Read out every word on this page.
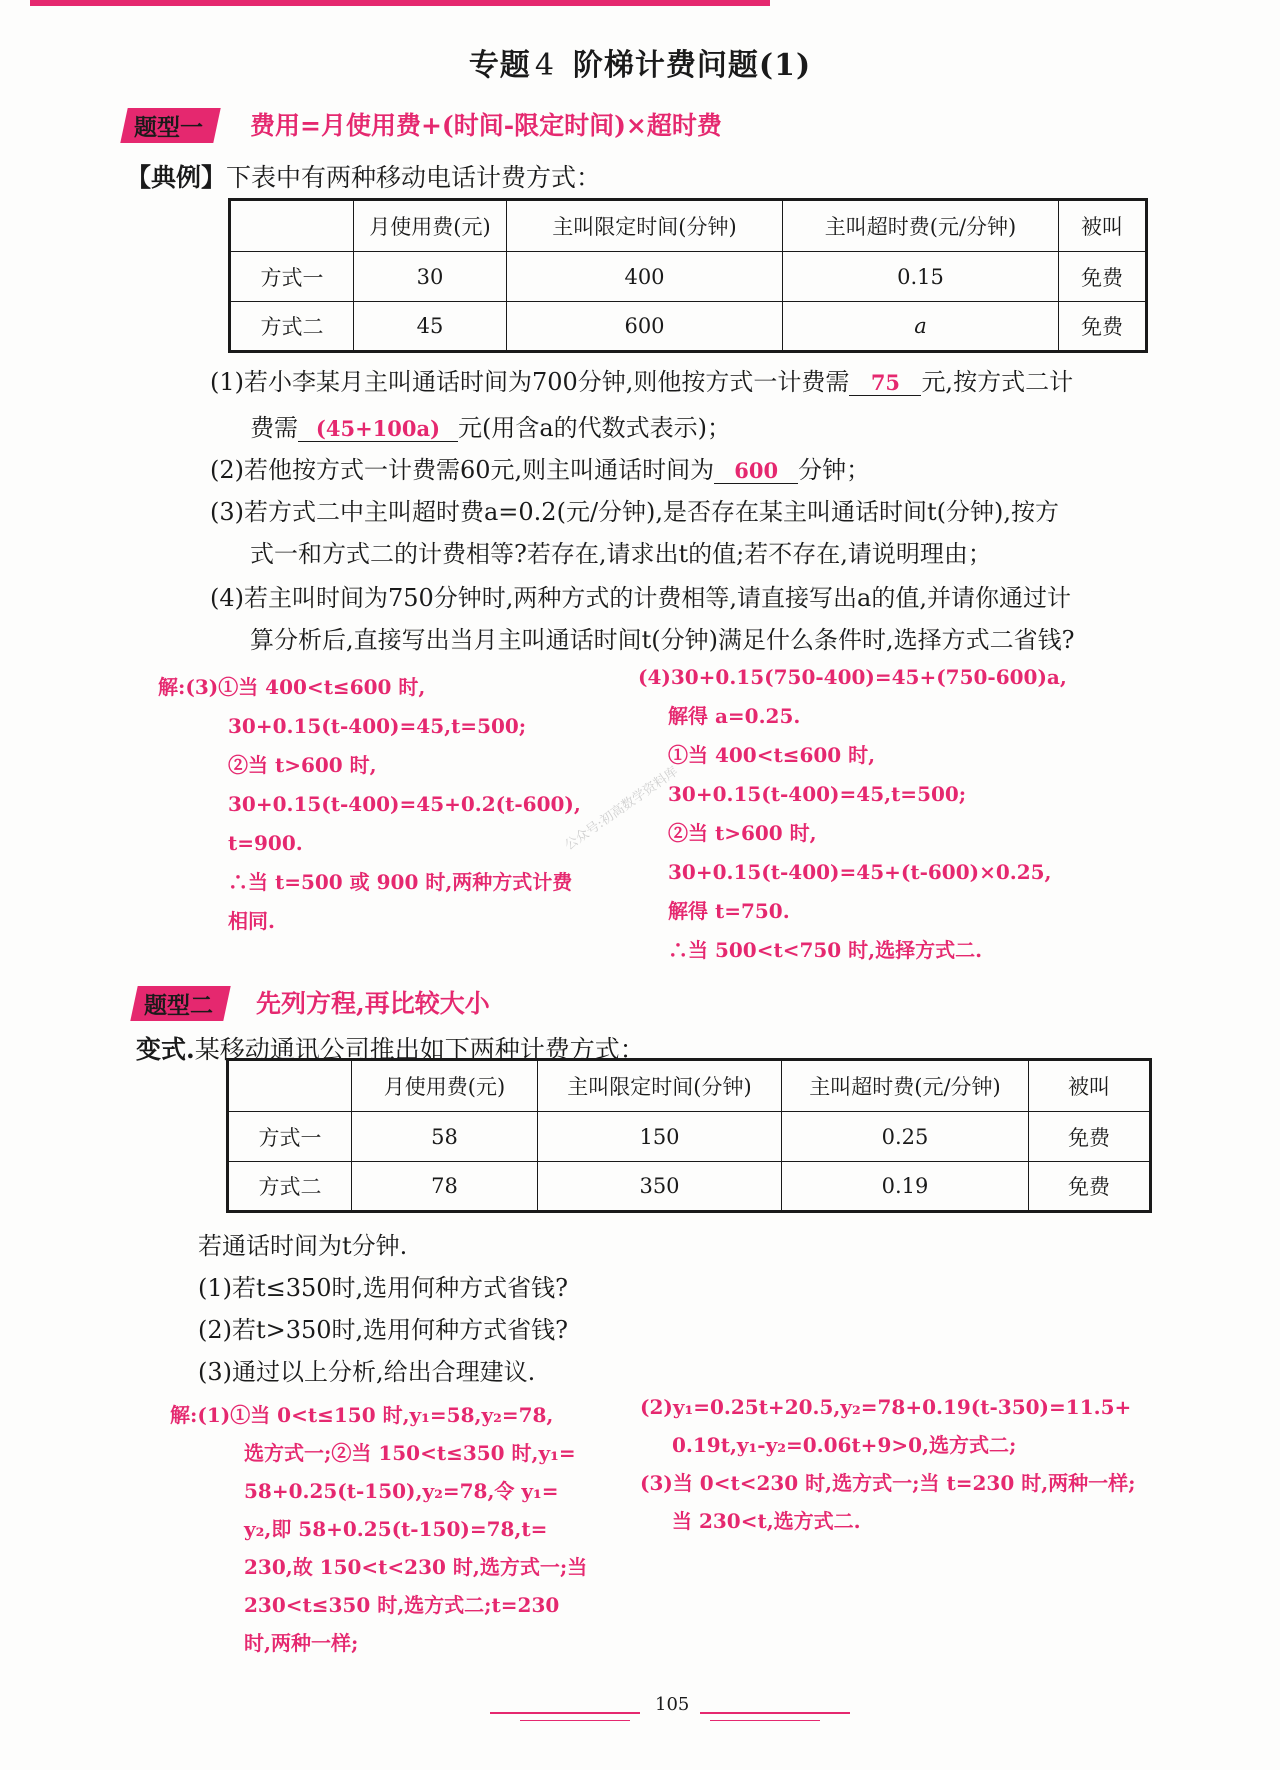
专题 4 阶梯计费问题(1)
题型一	费用=月使用费+(时间-限定时间)×超时费
【典例】下表中有两种移动电话计费方式：
	月使用费(元)	主叫限定时间(分钟)	主叫超时费(元/分钟)	被叫
方式一	30	400	0.15	免费
方式二	45	600	a	免费
(1)若小李某月主叫通话时间为700分钟,则他按方式一计费需 75 元,按方式二计
费需 (45+100a) 元(用含a的代数式表示)；
(2)若他按方式一计费需60元,则主叫通话时间为 600 分钟；
(3)若方式二中主叫超时费a=0.2(元/分钟),是否存在某主叫通话时间t(分钟),按方
式一和方式二的计费相等?若存在,请求出t的值;若不存在,请说明理由；
(4)若主叫时间为750分钟时,两种方式的计费相等,请直接写出a的值,并请你通过计
算分析后,直接写出当月主叫通话时间t(分钟)满足什么条件时,选择方式二省钱?
解:(3)①当 400<t≤600 时,
30+0.15(t-400)=45,t=500;
②当 t>600 时,
30+0.15(t-400)=45+0.2(t-600),
t=900.
∴当 t=500 或 900 时,两种方式计费
相同.
(4)30+0.15(750-400)=45+(750-600)a,
解得 a=0.25.
①当 400<t≤600 时,
30+0.15(t-400)=45,t=500;
②当 t>600 时,
30+0.15(t-400)=45+(t-600)×0.25,
解得 t=750.
∴当 500<t<750 时,选择方式二.
公众号:初高数学资料库
题型二	先列方程,再比较大小
变式.某移动通讯公司推出如下两种计费方式：
	月使用费(元)	主叫限定时间(分钟)	主叫超时费(元/分钟)	被叫
方式一	58	150	0.25	免费
方式二	78	350	0.19	免费
若通话时间为t分钟.
(1)若t≤350时,选用何种方式省钱?
(2)若t>350时,选用何种方式省钱?
(3)通过以上分析,给出合理建议.
解:(1)①当 0<t≤150 时,y₁=58,y₂=78,
选方式一;②当 150<t≤350 时,y₁=
58+0.25(t-150),y₂=78,令 y₁=
y₂,即 58+0.25(t-150)=78,t=
230,故 150<t<230 时,选方式一;当
230<t≤350 时,选方式二;t=230
时,两种一样;
(2)y₁=0.25t+20.5,y₂=78+0.19(t-350)=11.5+
0.19t,y₁-y₂=0.06t+9>0,选方式二;
(3)当 0<t<230 时,选方式一;当 t=230 时,两种一样;
当 230<t,选方式二.
105
